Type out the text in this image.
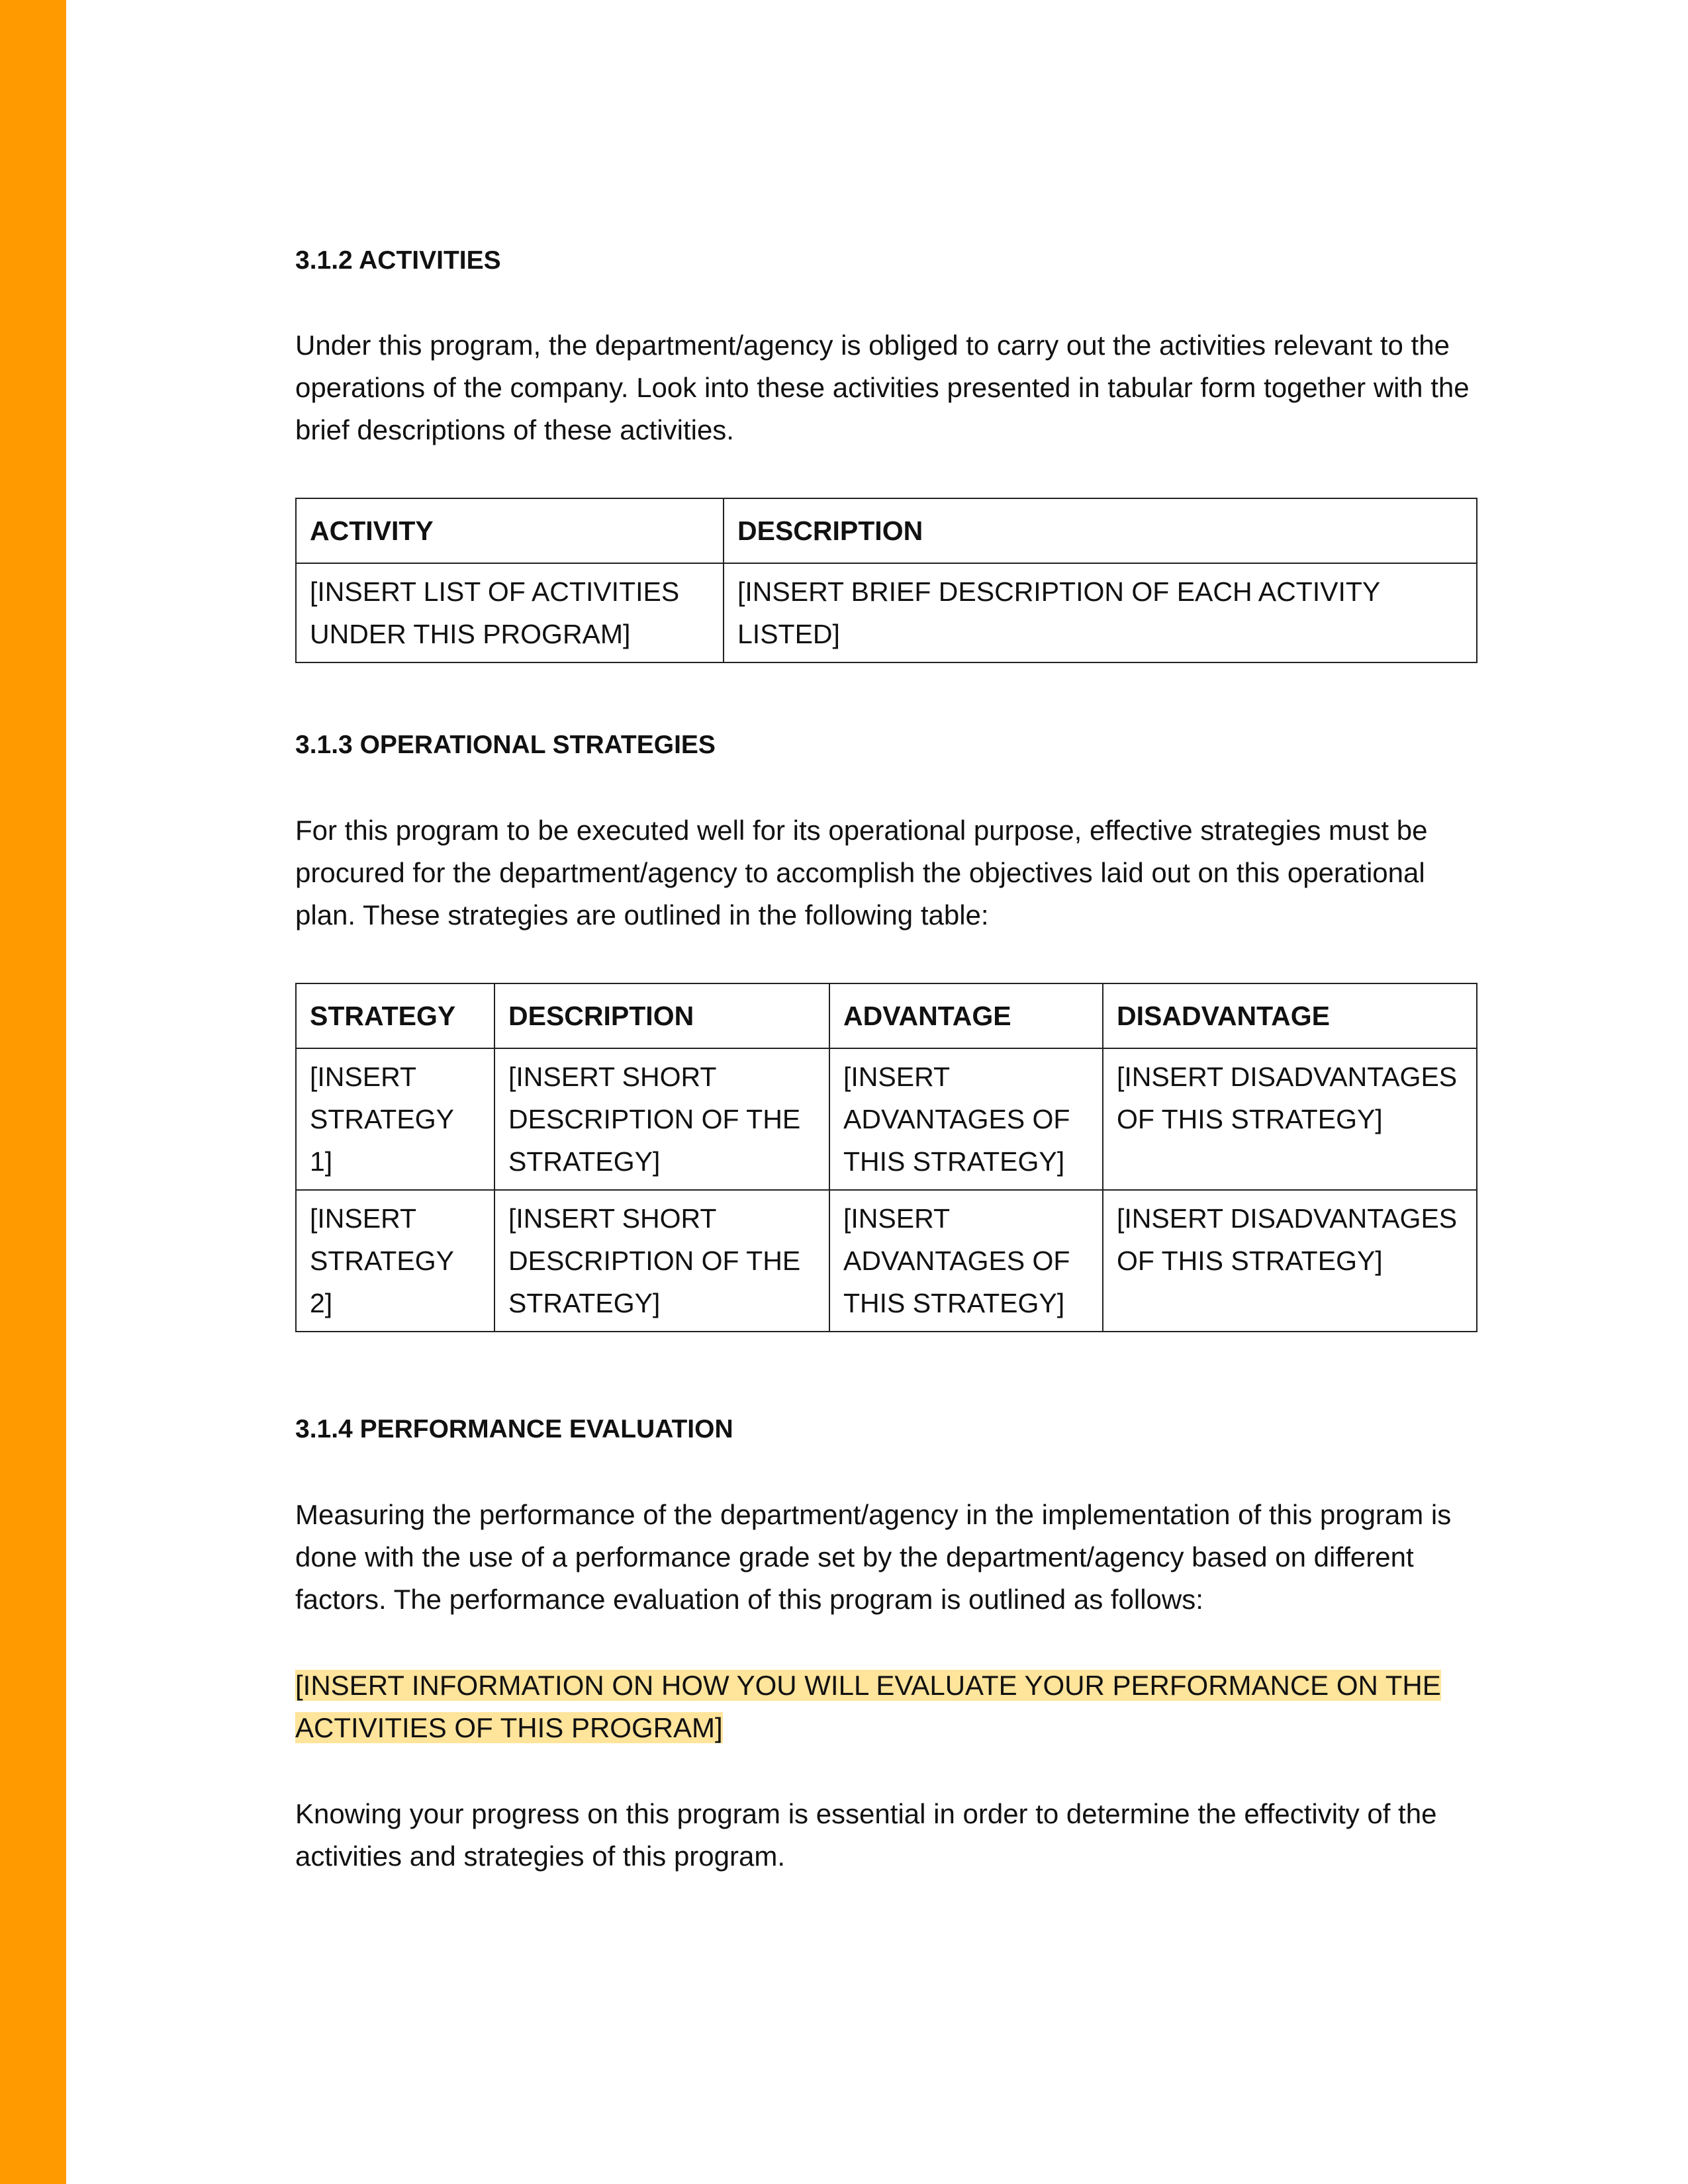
3.1.2 ACTIVITIES

Under this program, the department/agency is obliged to carry out the activities relevant to the operations of the company. Look into these activities presented in tabular form together with the brief descriptions of these activities.

ACTIVITY	DESCRIPTION
[INSERT LIST OF ACTIVITIES UNDER THIS PROGRAM]	[INSERT BRIEF DESCRIPTION OF EACH ACTIVITY LISTED]
3.1.3 OPERATIONAL STRATEGIES

For this program to be executed well for its operational purpose, effective strategies must be procured for the department/agency to accomplish the objectives laid out on this operational plan. These strategies are outlined in the following table:

STRATEGY	DESCRIPTION	ADVANTAGE	DISADVANTAGE
[INSERT STRATEGY 1]	[INSERT SHORT DESCRIPTION OF THE STRATEGY]	[INSERT ADVANTAGES OF THIS STRATEGY]	[INSERT DISADVANTAGES OF THIS STRATEGY]
[INSERT STRATEGY 2]	[INSERT SHORT DESCRIPTION OF THE STRATEGY]	[INSERT ADVANTAGES OF THIS STRATEGY]	[INSERT DISADVANTAGES OF THIS STRATEGY]
3.1.4 PERFORMANCE EVALUATION

Measuring the performance of the department/agency in the implementation of this program is done with the use of a performance grade set by the department/agency based on different factors. The performance evaluation of this program is outlined as follows:

[INSERT INFORMATION ON HOW YOU WILL EVALUATE YOUR PERFORMANCE ON THE ACTIVITIES OF THIS PROGRAM]

Knowing your progress on this program is essential in order to determine the effectivity of the activities and strategies of this program.
